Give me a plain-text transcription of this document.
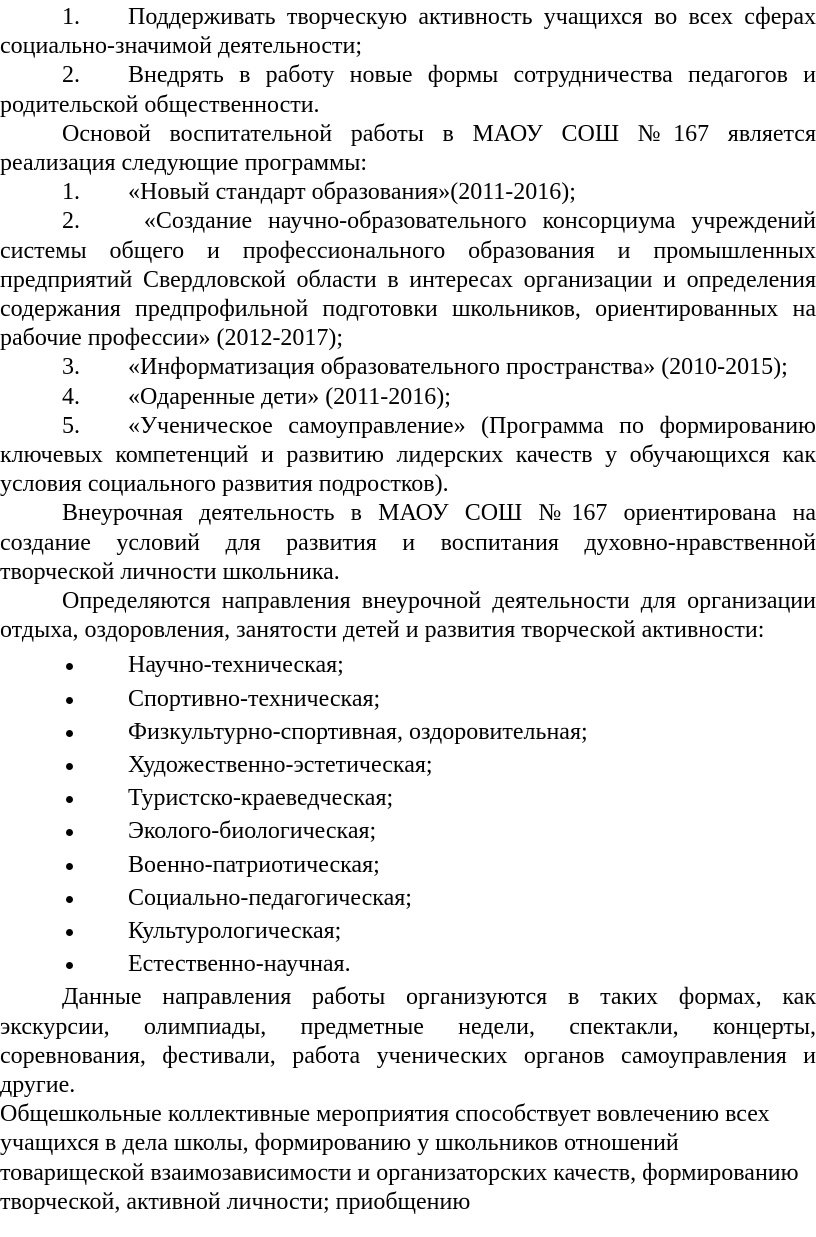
1. Поддерживать творческую активность учащихся во всех сферах социально-значимой деятельности;

2. Внедрять в работу новые формы сотрудничества педагогов и родительской общественности.

Основой воспитательной работы в МАОУ СОШ №167 является реализация следующие программы:

1. «Новый стандарт образования»(2011-2016);

2. «Создание научно-образовательного консорциума учреждений системы общего и профессионального образования и промышленных предприятий Свердловской области в интересах организации и определения содержания предпрофильной подготовки школьников, ориентированных на рабочие профессии» (2012-2017);

3. «Информатизация образовательного пространства» (2010-2015);

4. «Одаренные дети» (2011-2016);

5. «Ученическое самоуправление» (Программа по формированию ключевых компетенций и развитию лидерских качеств у обучающихся как условия социального развития подростков).

Внеурочная деятельность в МАОУ СОШ №167 ориентирована на создание условий для развития и воспитания духовно-нравственной творческой личности школьника.

Определяются направления внеурочной деятельности для организации отдыха, оздоровления, занятости детей и развития творческой активности:

Научно-техническая;
Спортивно-техническая;
Физкультурно-спортивная, оздоровительная;
Художественно-эстетическая;
Туристско-краеведческая;
Эколого-биологическая;
Военно-патриотическая;
Социально-педагогическая;
Культурологическая;
Естественно-научная.

Данные направления работы организуются в таких формах, как экскурсии, олимпиады, предметные недели, спектакли, концерты, соревнования, фестивали, работа ученических органов самоуправления и другие.

Общешкольные коллективные мероприятия способствует вовлечению всех учащихся в дела школы, формированию у школьников отношений товарищеской взаимозависимости и организаторских качеств, формированию творческой, активной личности; приобщению
